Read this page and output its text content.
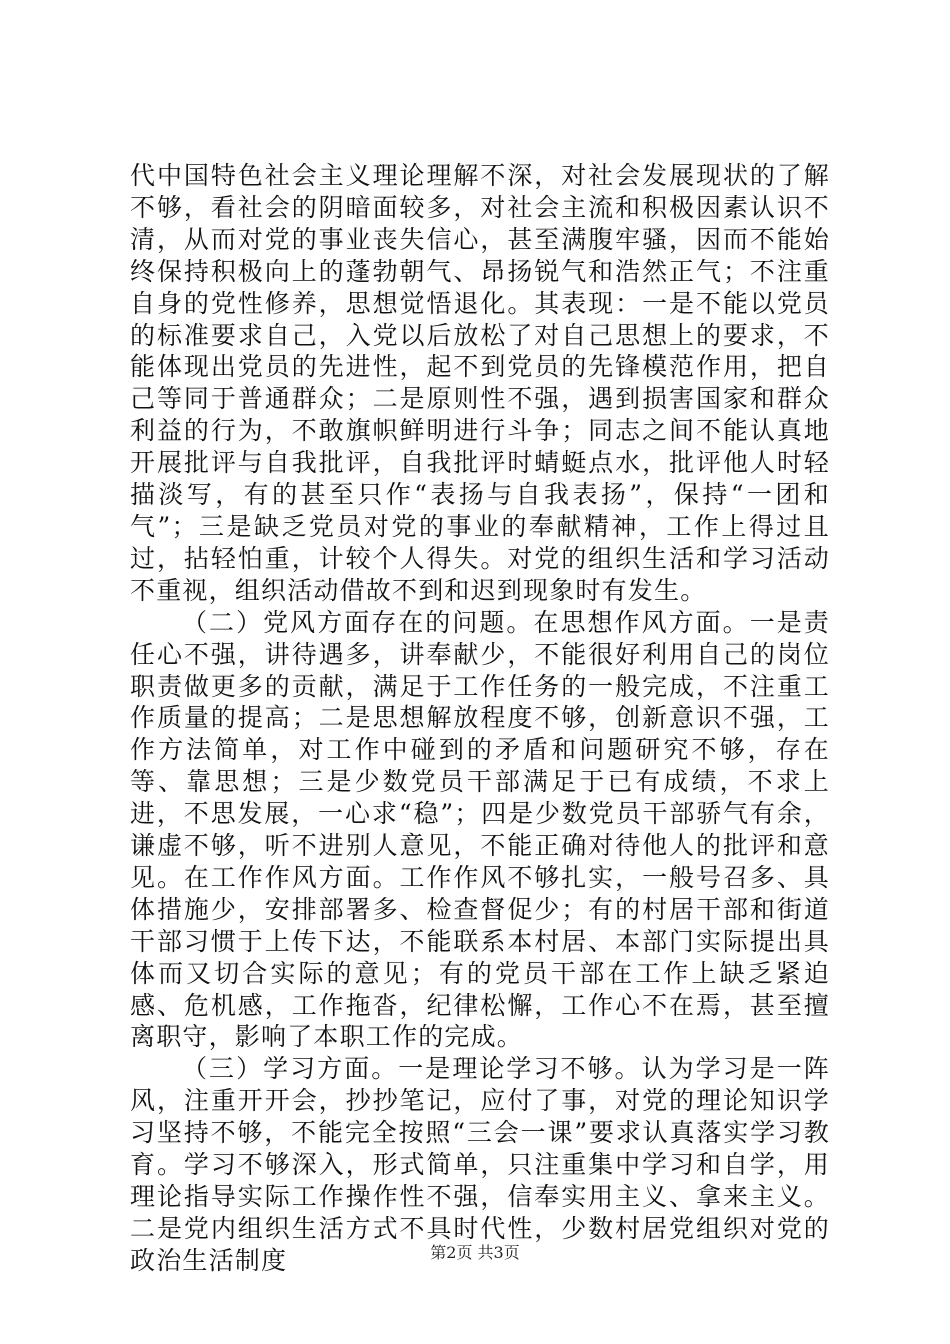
代中国特色社会主义理论理解不深，对社会发展现状的了解不够，看社会的阴暗面较多，对社会主流和积极因素认识不清，从而对党的事业丧失信心，甚至满腹牢骚，因而不能始终保持积极向上的蓬勃朝气、昂扬锐气和浩然正气；不注重自身的党性修养，思想觉悟退化。其表现：一是不能以党员的标准要求自己，入党以后放松了对自己思想上的要求，不能体现出党员的先进性，起不到党员的先锋模范作用，把自己等同于普通群众；二是原则性不强，遇到损害国家和群众利益的行为，不敢旗帜鲜明进行斗争；同志之间不能认真地开展批评与自我批评，自我批评时蜻蜓点水，批评他人时轻描淡写，有的甚至只作“表扬与自我表扬”，保持“一团和气”；三是缺乏党员对党的事业的奉献精神，工作上得过且过，拈轻怕重，计较个人得失。对党的组织生活和学习活动不重视，组织活动借故不到和迟到现象时有发生。

（二）党风方面存在的问题。在思想作风方面。一是责任心不强，讲待遇多，讲奉献少，不能很好利用自己的岗位职责做更多的贡献，满足于工作任务的一般完成，不注重工作质量的提高；二是思想解放程度不够，创新意识不强，工作方法简单，对工作中碰到的矛盾和问题研究不够，存在等、靠思想；三是少数党员干部满足于已有成绩，不求上进，不思发展，一心求“稳”；四是少数党员干部骄气有余，谦虚不够，听不进别人意见，不能正确对待他人的批评和意见。在工作作风方面。工作作风不够扎实，一般号召多、具体措施少，安排部署多、检查督促少；有的村居干部和街道干部习惯于上传下达，不能联系本村居、本部门实际提出具体而又切合实际的意见；有的党员干部在工作上缺乏紧迫感、危机感，工作拖沓，纪律松懈，工作心不在焉，甚至擅离职守，影响了本职工作的完成。

（三）学习方面。一是理论学习不够。认为学习是一阵风，注重开开会，抄抄笔记，应付了事，对党的理论知识学习坚持不够，不能完全按照“三会一课”要求认真落实学习教育。学习不够深入，形式简单，只注重集中学习和自学，用理论指导实际工作操作性不强，信奉实用主义、拿来主义。二是党内组织生活方式不具时代性，少数村居党组织对党的政治生活制度	第2页 共3页
